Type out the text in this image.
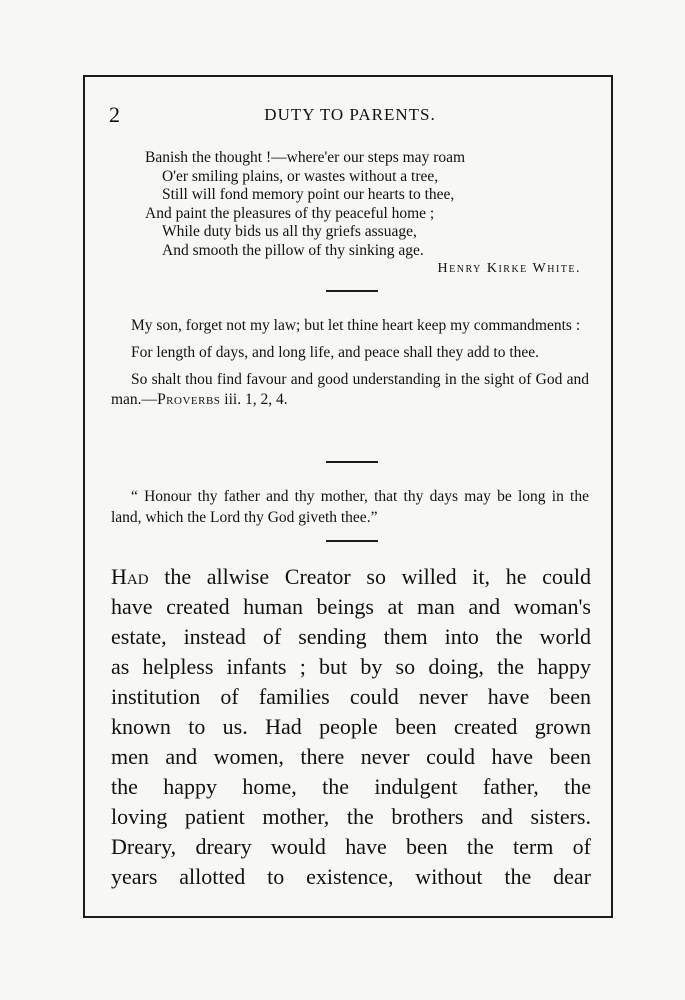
2	DUTY TO PARENTS.
Banish the thought !—where'er our steps may roam
O'er smiling plains, or wastes without a tree,
Still will fond memory point our hearts to thee,
And paint the pleasures of thy peaceful home ;
While duty bids us all thy griefs assuage,
And smooth the pillow of thy sinking age.
Henry Kirke White.

My son, forget not my law; but let thine heart keep my commandments :

For length of days, and long life, and peace shall they add to thee.

So shalt thou find favour and good understanding in the sight of God and man.—Proverbs iii. 1, 2, 4.

“ Honour thy father and thy mother, that thy days may be long in the land, which the Lord thy God giveth thee.”

Had the allwise Creator so willed it, he could
have created human beings at man and woman's
estate, instead of sending them into the world
as helpless infants ; but by so doing, the happy
institution of families could never have been
known to us. Had people been created grown
men and women, there never could have been
the happy home, the indulgent father, the
loving patient mother, the brothers and sisters.
Dreary, dreary would have been the term of
years allotted to existence, without the dear
